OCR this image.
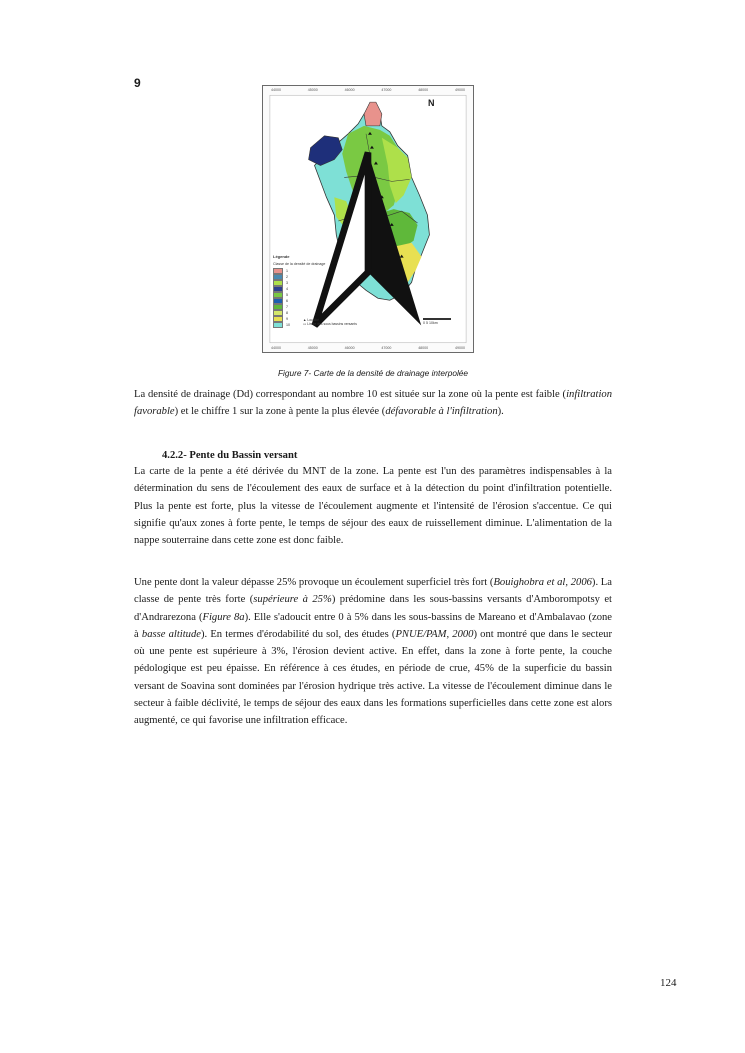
9	44000	45000	46000	47000	48000	49000
N
Légende
Classe de la densité de drainage
1
2
3
4
5
6
7
8
9
10
▲ Localité
▭ Limite des sous bassins versants	0 5 10km
44000	45000	46000	47000	48000	49000
Figure 7- Carte de la densité de drainage interpolée

La densité de drainage (Dd) correspondant au nombre 10 est située sur la zone où la pente est faible (infiltration favorable) et le chiffre 1 sur la zone à pente la plus élevée (défavorable à l'infiltration).

4.2.2- Pente du Bassin versant

La carte de la pente a été dérivée du MNT de la zone. La pente est l'un des paramètres indispensables à la détermination du sens de l'écoulement des eaux de surface et à la détection du point d'infiltration potentielle. Plus la pente est forte, plus la vitesse de l'écoulement augmente et l'intensité de l'érosion s'accentue. Ce qui signifie qu'aux zones à forte pente, le temps de séjour des eaux de ruissellement diminue. L'alimentation de la nappe souterraine dans cette zone est donc faible.

Une pente dont la valeur dépasse 25% provoque un écoulement superficiel très fort (Bouighobra et al, 2006). La classe de pente très forte (supérieure à 25%) prédomine dans les sous-bassins versants d'Amborompotsy et d'Andrarezona (Figure 8a). Elle s'adoucit entre 0 à 5% dans les sous-bassins de Mareano et d'Ambalavao (zone à basse altitude). En termes d'érodabilité du sol, des études (PNUE/PAM, 2000) ont montré que dans le secteur où une pente est supérieure à 3%, l'érosion devient active. En effet, dans la zone à forte pente, la couche pédologique est peu épaisse. En référence à ces études, en période de crue, 45% de la superficie du bassin versant de Soavina sont dominées par l'érosion hydrique très active. La vitesse de l'écoulement diminue dans le secteur à faible déclivité, le temps de séjour des eaux dans les formations superficielles dans cette zone est alors augmenté, ce qui favorise une infiltration efficace.

124
